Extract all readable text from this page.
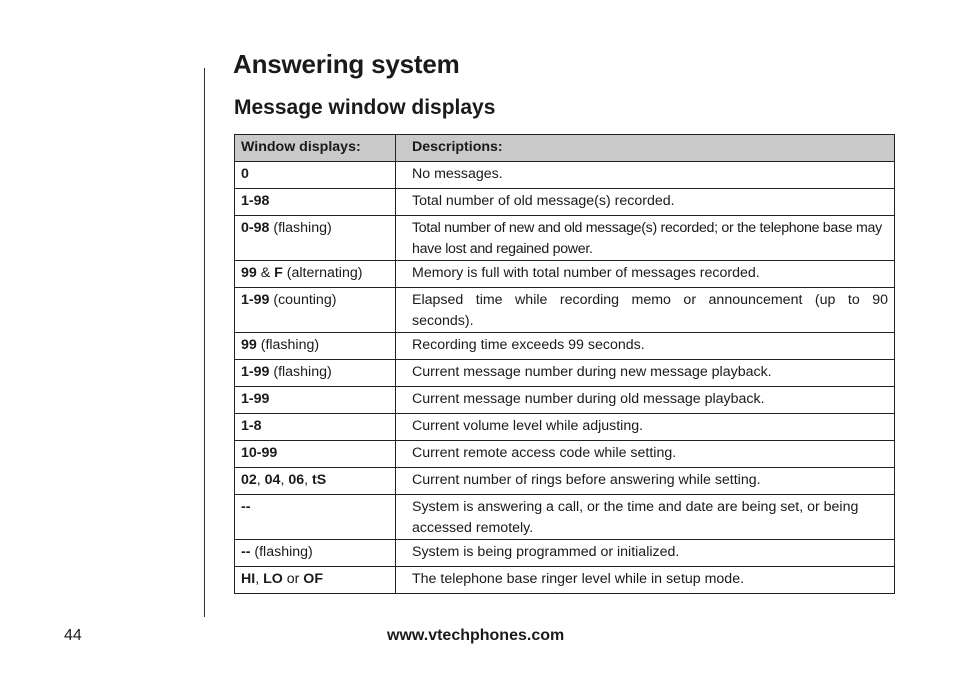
Answering system
Message window displays
Window displays:	Descriptions:
0	No messages.
1-98	Total number of old message(s) recorded.
0-98 (flashing)	Total number of new and old message(s) recorded; or the telephone base may have lost and regained power.
99 & F (alternating)	Memory is full with total number of messages recorded.
1-99 (counting)	Elapsed time while recording memo or announcement (up to 90 seconds).
99 (flashing)	Recording time exceeds 99 seconds.
1-99 (flashing)	Current message number during new message playback.
1-99	Current message number during old message playback.
1-8	Current volume level while adjusting.
10-99	Current remote access code while setting.
02, 04, 06, tS	Current number of rings before answering while setting.
--	System is answering a call, or the time and date are being set, or being accessed remotely.
-- (flashing)	System is being programmed or initialized.
HI, LO or OF	The telephone base ringer level while in setup mode.
44	www.vtechphones.com
